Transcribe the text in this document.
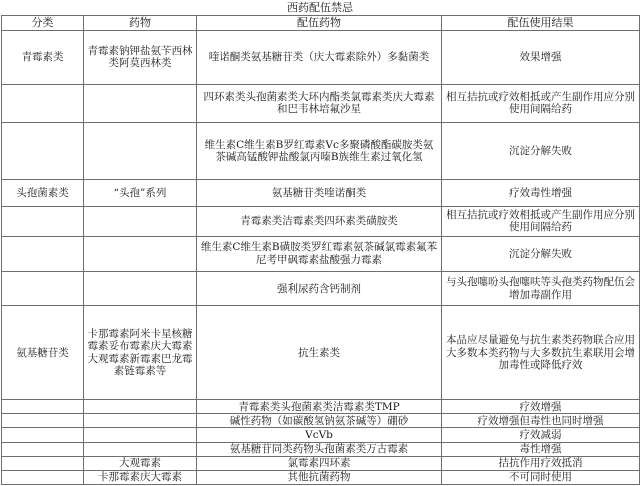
西药配伍禁忌
分类	药物	配伍药物	配伍使用结果
青霉素类	青霉素钠钾盐氨苄西林类阿莫西林类	喹诺酮类氨基糖苷类（庆大霉素除外）多黏菌类	效果增强
		四环素类头孢菌素类大环内酯类氯霉素类庆大霉素和巴韦林培氟沙星	相互拮抗或疗效相抵或产生副作用应分别使用间隔给药
		维生素C维生素B罗红霉素Vc多聚磷酸酯碳胺类氨茶碱高锰酸钾盐酸氯丙嗪B族维生素过氧化氢	沉淀分解失败
头孢菌素类	“头孢”系列	氨基糖苷类喹诺酮类	疗效毒性增强
		青霉素类洁霉素类四环素类磺胺类	相互拮抗或疗效相抵或产生副作用应分别使用间隔给药
		维生素C维生素B磺胺类罗红霉素氨茶碱氯霉素氟苯尼考甲砜霉素盐酸强力霉素	沉淀分解失败
		强利尿药含钙制剂	与头孢噻吩头孢噻呋等头孢类药物配伍会增加毒副作用
氨基糖苷类	卡那霉素阿米卡星核糖霉素妥布霉素庆大霉素大观霉素新霉素巴龙霉素链霉素等	抗生素类	本品应尽量避免与抗生素类药物联合应用大多数本类药物与大多数抗生素联用会增加毒性或降低疗效
		青霉素类头孢菌素类洁霉素类TMP	疗效增强
		碱性药物（如碳酸氢钠氨茶碱等）硼砂	疗效增强但毒性也同时增强
		VcVb	疗效减弱
		氨基糖苷同类药物头孢菌素类万古霉素	毒性增强
	大观霉素	氯霉素四环素	拮抗作用疗效抵消
	卡那霉素庆大霉素	其他抗菌药物	不可同时使用
